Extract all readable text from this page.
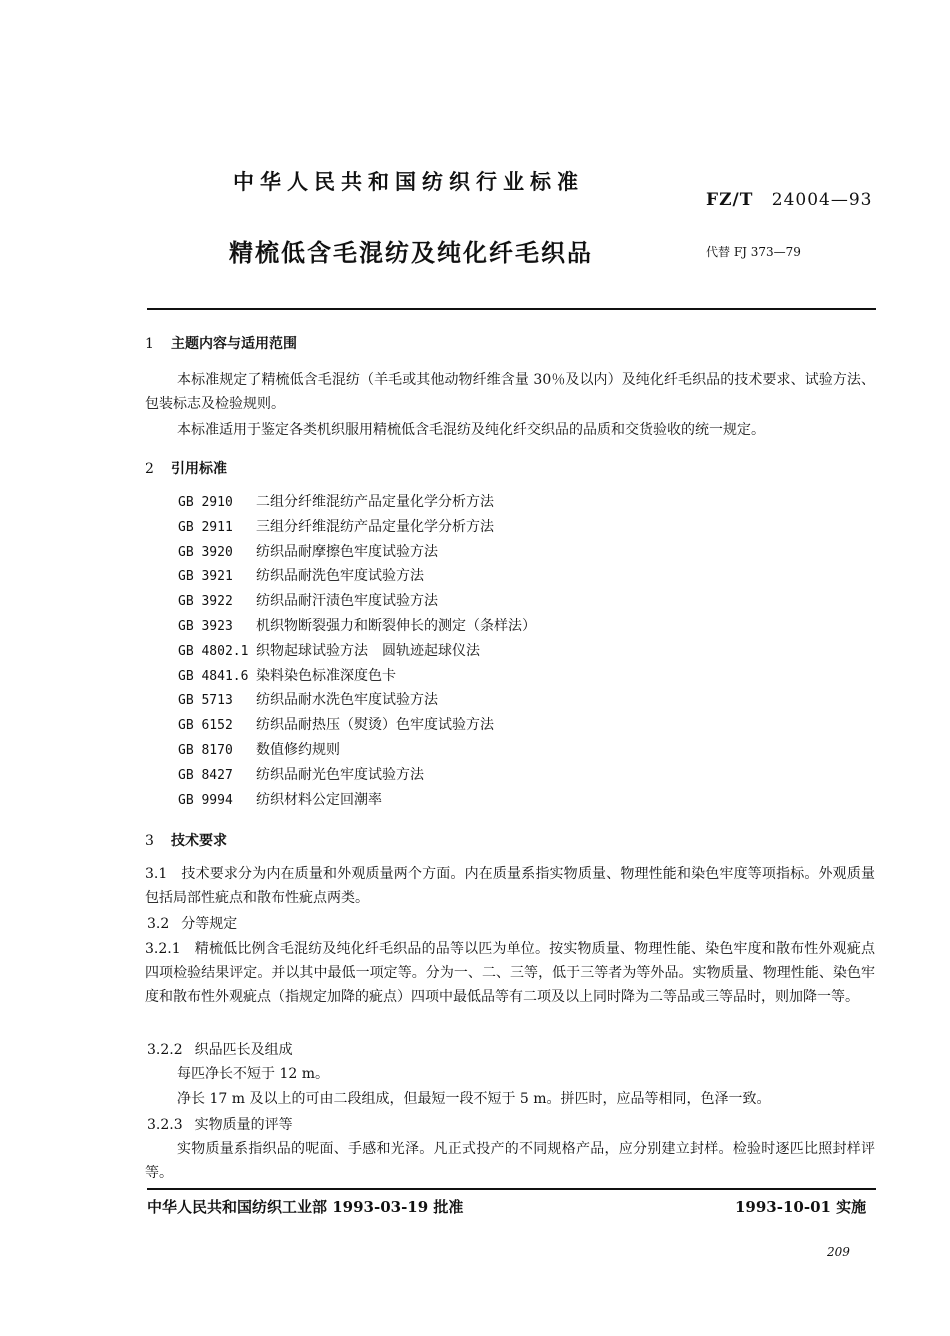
中华人民共和国纺织行业标准
FZ/T 24004—93
精梳低含毛混纺及纯化纤毛织品	代替 FJ 373—79
1 主题内容与适用范围
本标准规定了精梳低含毛混纺（羊毛或其他动物纤维含量 30％及以内）及纯化纤毛织品的技术要求、试验方法、包装标志及检验规则。
本标准适用于鉴定各类机织服用精梳低含毛混纺及纯化纤交织品的品质和交货验收的统一规定。
2 引用标准
GB 2910 二组分纤维混纺产品定量化学分析方法
GB 2911 三组分纤维混纺产品定量化学分析方法
GB 3920 纺织品耐摩擦色牢度试验方法
GB 3921 纺织品耐洗色牢度试验方法
GB 3922 纺织品耐汗渍色牢度试验方法
GB 3923 机织物断裂强力和断裂伸长的测定（条样法）
GB 4802.1 织物起球试验方法　圆轨迹起球仪法
GB 4841.6 染料染色标准深度色卡
GB 5713 纺织品耐水洗色牢度试验方法
GB 6152 纺织品耐热压（熨烫）色牢度试验方法
GB 8170 数值修约规则
GB 8427 纺织品耐光色牢度试验方法
GB 9994 纺织材料公定回潮率
3 技术要求
3.1 技术要求分为内在质量和外观质量两个方面。内在质量系指实物质量、物理性能和染色牢度等项指标。外观质量包括局部性疵点和散布性疵点两类。
3.2 分等规定
3.2.1 精梳低比例含毛混纺及纯化纤毛织品的品等以匹为单位。按实物质量、物理性能、染色牢度和散布性外观疵点四项检验结果评定。并以其中最低一项定等。分为一、二、三等，低于三等者为等外品。实物质量、物理性能、染色牢度和散布性外观疵点（指规定加降的疵点）四项中最低品等有二项及以上同时降为二等品或三等品时，则加降一等。
3.2.2 织品匹长及组成
每匹净长不短于 12 m。
净长 17 m 及以上的可由二段组成，但最短一段不短于 5 m。拼匹时，应品等相同，色泽一致。
3.2.3 实物质量的评等
实物质量系指织品的呢面、手感和光泽。凡正式投产的不同规格产品，应分别建立封样。检验时逐匹比照封样评等。
中华人民共和国纺织工业部 1993-03-19 批准	1993-10-01 实施
209
